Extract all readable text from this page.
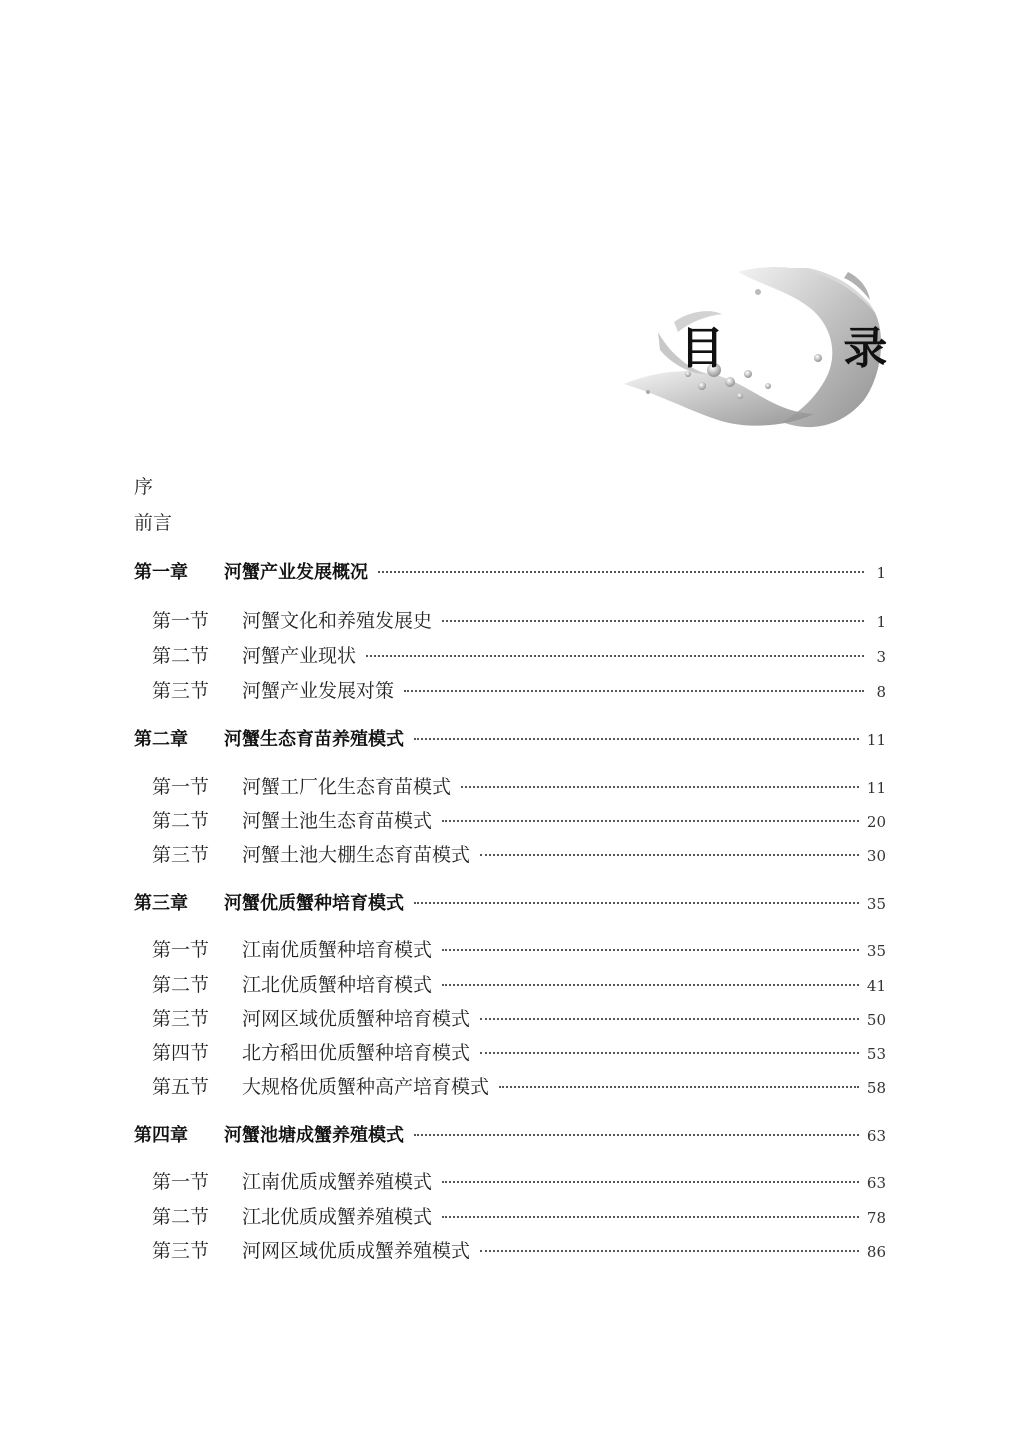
目 录
序
前言
第一章	河蟹产业发展概况	1
第一节	河蟹文化和养殖发展史	1
第二节	河蟹产业现状	3
第三节	河蟹产业发展对策	8
第二章	河蟹生态育苗养殖模式	11
第一节	河蟹工厂化生态育苗模式	11
第二节	河蟹土池生态育苗模式	20
第三节	河蟹土池大棚生态育苗模式	30
第三章	河蟹优质蟹种培育模式	35
第一节	江南优质蟹种培育模式	35
第二节	江北优质蟹种培育模式	41
第三节	河网区域优质蟹种培育模式	50
第四节	北方稻田优质蟹种培育模式	53
第五节	大规格优质蟹种高产培育模式	58
第四章	河蟹池塘成蟹养殖模式	63
第一节	江南优质成蟹养殖模式	63
第二节	江北优质成蟹养殖模式	78
第三节	河网区域优质成蟹养殖模式	86
